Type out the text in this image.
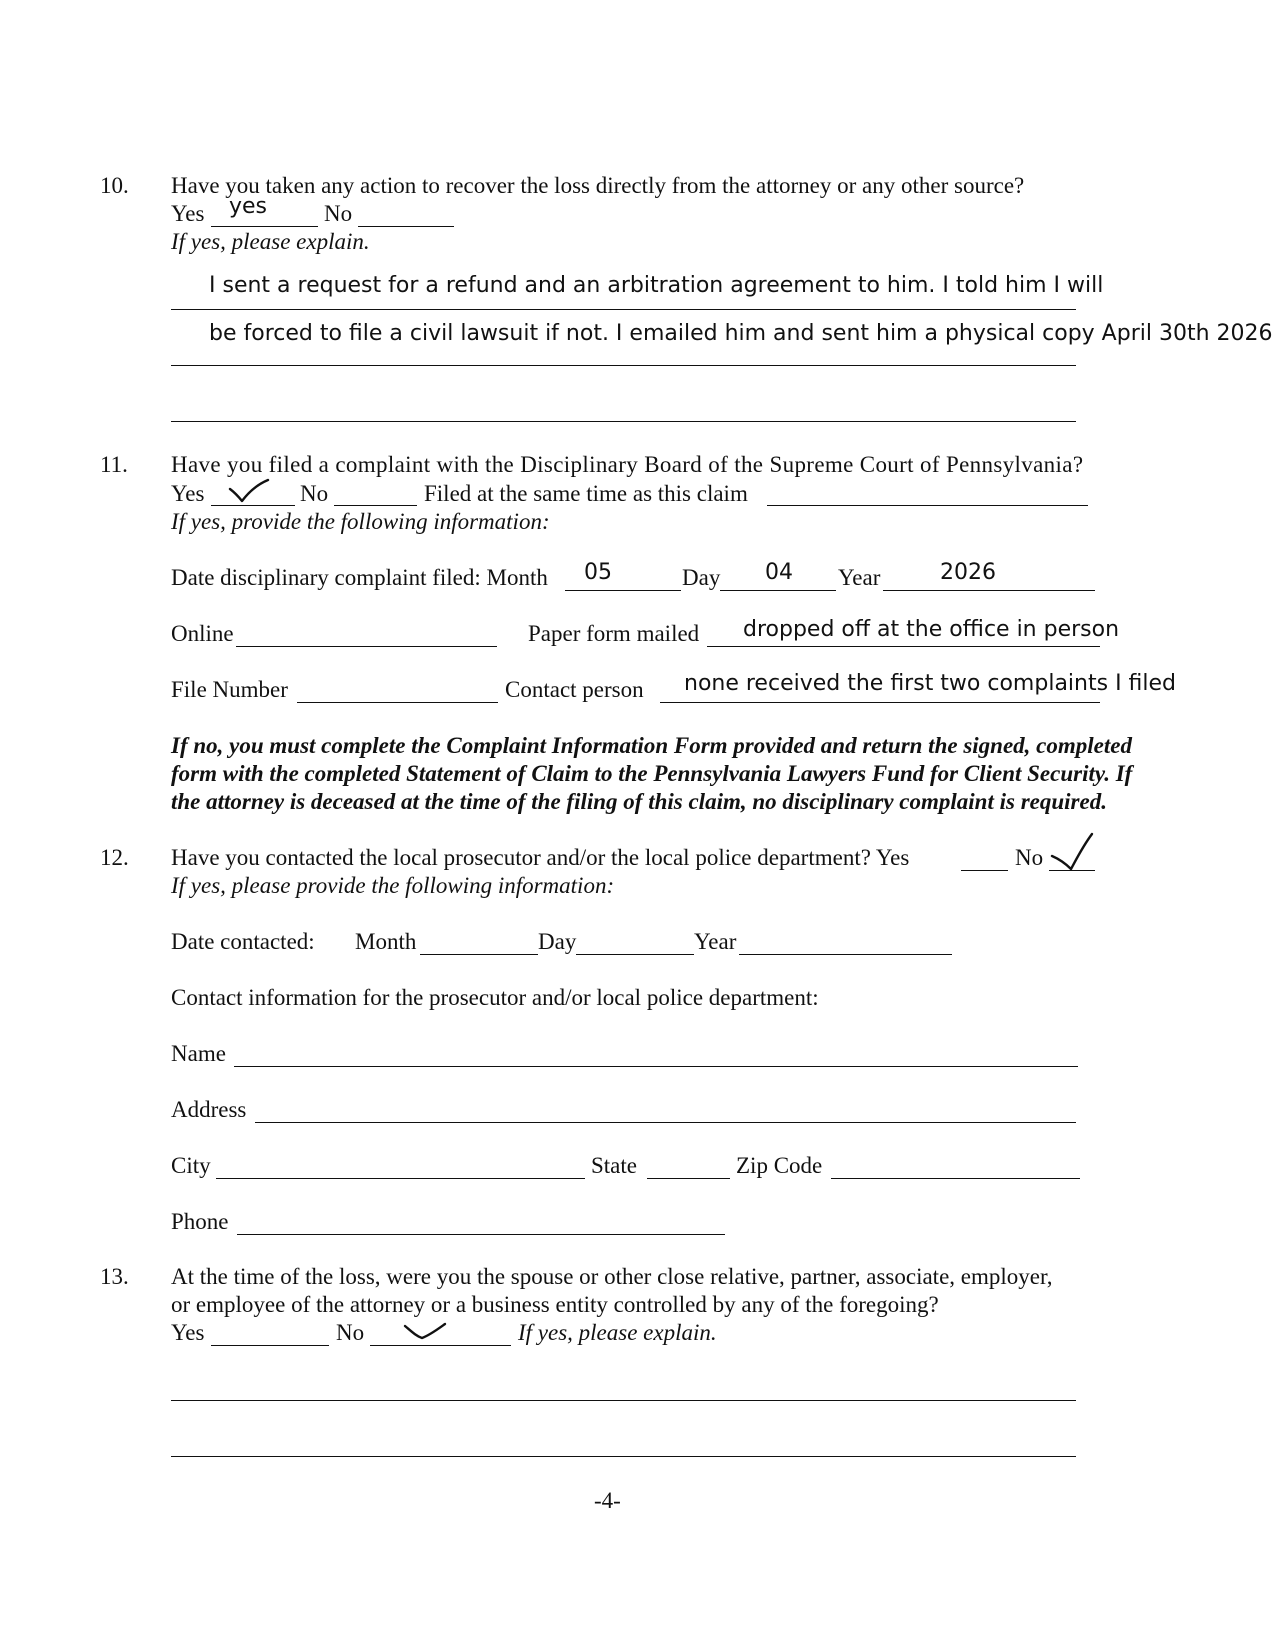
10. Have you taken any action to recover the loss directly from the attorney or any other source?
Yes yes No
If yes, please explain.
I sent a request for a refund and an arbitration agreement to him. I told him I will
be forced to file a civil lawsuit if not. I emailed him and sent him a physical copy April 30th 2026
11. Have you filed a complaint with the Disciplinary Board of the Supreme Court of Pennsylvania?
Yes	No	Filed at the same time as this claim
If yes, provide the following information:
Date disciplinary complaint filed: Month 05	Day 04 Year	2026
Online	Paper form mailed dropped off at the office in person
File Number	Contact person none received the first two complaints I filed
If no, you must complete the Complaint Information Form provided and return the signed, completed
form with the completed Statement of Claim to the Pennsylvania Lawyers Fund for Client Security. If
the attorney is deceased at the time of the filing of this claim, no disciplinary complaint is required.
12. Have you contacted the local prosecutor and/or the local police department? Yes	No
If yes, please provide the following information:
Date contacted: Month	Day	Year
Contact information for the prosecutor and/or local police department:
Name
Address
City	State	Zip Code
Phone
13. At the time of the loss, were you the spouse or other close relative, partner, associate, employer,
or employee of the attorney or a business entity controlled by any of the foregoing?
Yes	No	If yes, please explain.
-4-
